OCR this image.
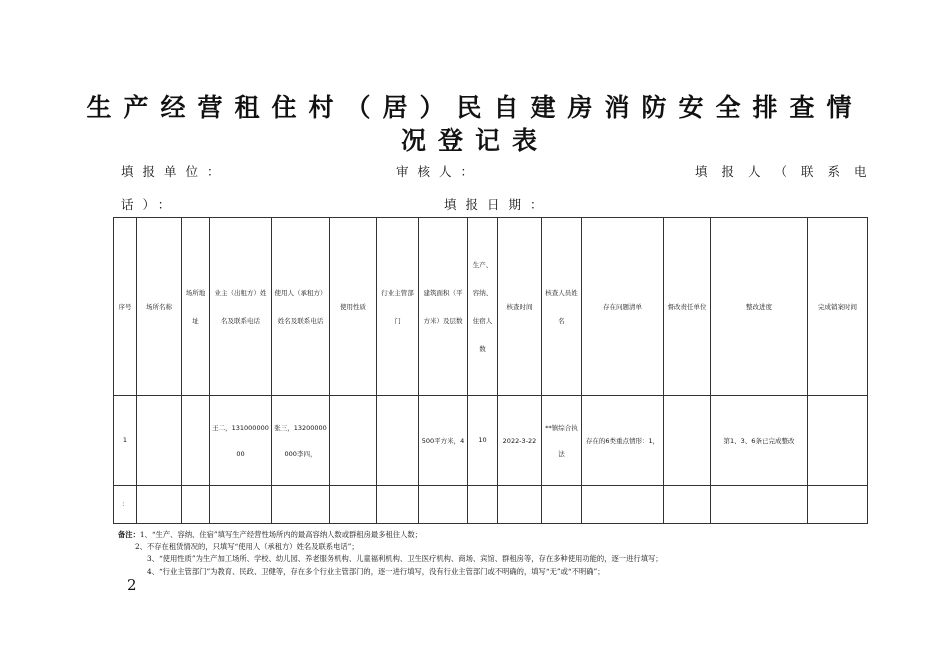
生产经营租住村（居）民自建房消防安全排查情
况登记表
填报单位：	审核人：	填报人（联系电
话）：	填报日期：
序号	场所名称	场所地址	业主（出租方）姓名及联系电话	使用人（承租方）姓名及联系电话	使用性质	行业主管部门	建筑面积（平方米）及层数	生产、容纳、住宿人数	核查时间	核查人员姓名	存在问题清单	督改责任单位	整改进度	完成销案时间
1			王二，13100000000	张三，13200000000李四，			500平方米，4	10	2022-3-22	**镇综合执法	存在的6类重点情形：1，		第1、3、6条已完成整改	
：														
备注：1、“生产、容纳、住宿”填写生产经营性场所内的最高容纳人数或群租房最多租住人数；
2、不存在租赁情况的，只填写“使用人（承租方）姓名及联系电话”；
3、“使用性质”为生产加工场所、学校、幼儿园、养老服务机构、儿童福利机构、卫生医疗机构、商场、宾馆、群租房等，存在多种使用功能的，逐一进行填写；
4、“行业主管部门”为教育、民政、卫健等，存在多个行业主管部门的，逐一进行填写，没有行业主管部门或不明确的，填写“无”或“不明确”；
2
